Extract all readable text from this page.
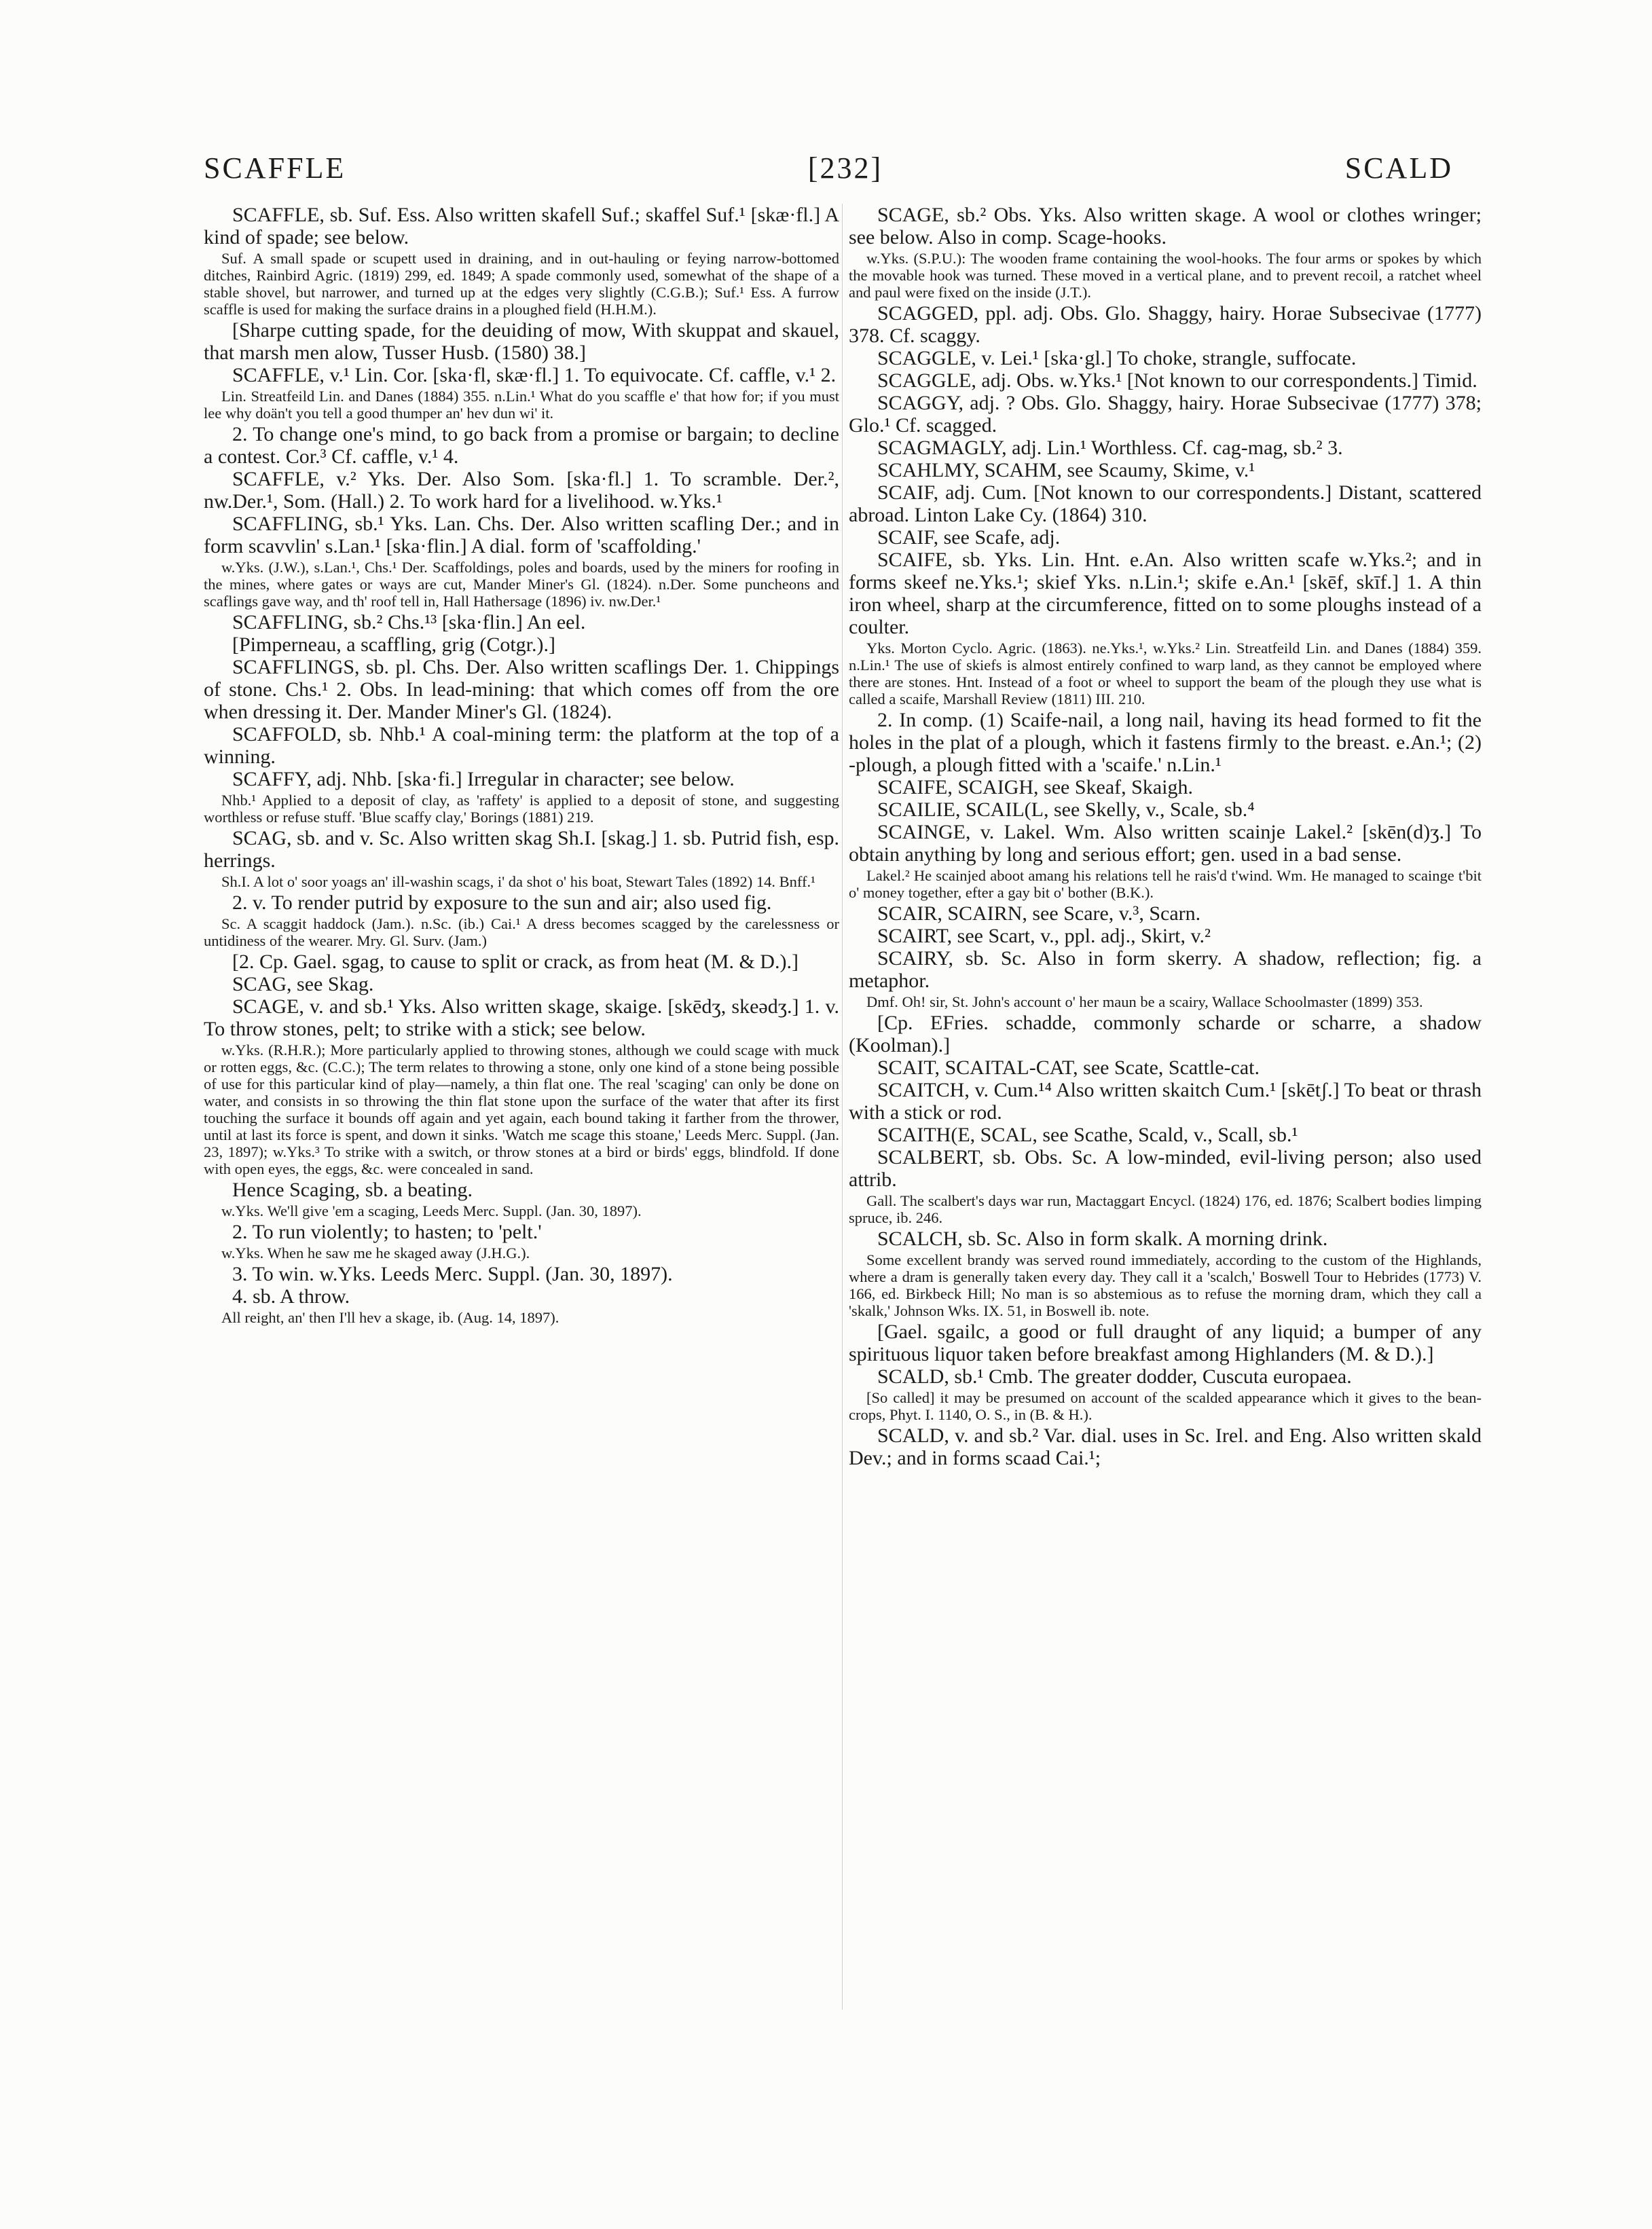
SCAFFLE	[232]	SCALD

SCAFFLE, sb. Suf. Ess. Also written skafell Suf.; skaffel Suf.¹ [skæ·fl.] A kind of spade; see below.

Suf. A small spade or scupett used in draining, and in out-hauling or feying narrow-bottomed ditches, Rainbird Agric. (1819) 299, ed. 1849; A spade commonly used, somewhat of the shape of a stable shovel, but narrower, and turned up at the edges very slightly (C.G.B.); Suf.¹ Ess. A furrow scaffle is used for making the surface drains in a ploughed field (H.H.M.).

[Sharpe cutting spade, for the deuiding of mow, With skuppat and skauel, that marsh men alow, Tusser Husb. (1580) 38.]

SCAFFLE, v.¹ Lin. Cor. [ska·fl, skæ·fl.] 1. To equivocate. Cf. caffle, v.¹ 2.

Lin. Streatfeild Lin. and Danes (1884) 355. n.Lin.¹ What do you scaffle e' that how for; if you must lee why doän't you tell a good thumper an' hev dun wi' it.

2. To change one's mind, to go back from a promise or bargain; to decline a contest. Cor.³ Cf. caffle, v.¹ 4.

SCAFFLE, v.² Yks. Der. Also Som. [ska·fl.] 1. To scramble. Der.², nw.Der.¹, Som. (Hall.) 2. To work hard for a livelihood. w.Yks.¹

SCAFFLING, sb.¹ Yks. Lan. Chs. Der. Also written scafling Der.; and in form scavvlin' s.Lan.¹ [ska·flin.] A dial. form of 'scaffolding.'

w.Yks. (J.W.), s.Lan.¹, Chs.¹ Der. Scaffoldings, poles and boards, used by the miners for roofing in the mines, where gates or ways are cut, Mander Miner's Gl. (1824). n.Der. Some puncheons and scaflings gave way, and th' roof tell in, Hall Hathersage (1896) iv. nw.Der.¹

SCAFFLING, sb.² Chs.¹³ [ska·flin.] An eel.

[Pimperneau, a scaffling, grig (Cotgr.).]

SCAFFLINGS, sb. pl. Chs. Der. Also written scaflings Der. 1. Chippings of stone. Chs.¹ 2. Obs. In lead-mining: that which comes off from the ore when dressing it. Der. Mander Miner's Gl. (1824).

SCAFFOLD, sb. Nhb.¹ A coal-mining term: the platform at the top of a winning.

SCAFFY, adj. Nhb. [ska·fi.] Irregular in character; see below.

Nhb.¹ Applied to a deposit of clay, as 'raffety' is applied to a deposit of stone, and suggesting worthless or refuse stuff. 'Blue scaffy clay,' Borings (1881) 219.

SCAG, sb. and v. Sc. Also written skag Sh.I. [skag.] 1. sb. Putrid fish, esp. herrings.

Sh.I. A lot o' soor yoags an' ill-washin scags, i' da shot o' his boat, Stewart Tales (1892) 14. Bnff.¹

2. v. To render putrid by exposure to the sun and air; also used fig.

Sc. A scaggit haddock (Jam.). n.Sc. (ib.) Cai.¹ A dress becomes scagged by the carelessness or untidiness of the wearer. Mry. Gl. Surv. (Jam.)

[2. Cp. Gael. sgag, to cause to split or crack, as from heat (M. & D.).]

SCAG, see Skag.

SCAGE, v. and sb.¹ Yks. Also written skage, skaige. [skēdʒ, skeədʒ.] 1. v. To throw stones, pelt; to strike with a stick; see below.

w.Yks. (R.H.R.); More particularly applied to throwing stones, although we could scage with muck or rotten eggs, &c. (C.C.); The term relates to throwing a stone, only one kind of a stone being possible of use for this particular kind of play—namely, a thin flat one. The real 'scaging' can only be done on water, and consists in so throwing the thin flat stone upon the surface of the water that after its first touching the surface it bounds off again and yet again, each bound taking it farther from the thrower, until at last its force is spent, and down it sinks. 'Watch me scage this stoane,' Leeds Merc. Suppl. (Jan. 23, 1897); w.Yks.³ To strike with a switch, or throw stones at a bird or birds' eggs, blindfold. If done with open eyes, the eggs, &c. were concealed in sand.

Hence Scaging, sb. a beating.

w.Yks. We'll give 'em a scaging, Leeds Merc. Suppl. (Jan. 30, 1897).

2. To run violently; to hasten; to 'pelt.'

w.Yks. When he saw me he skaged away (J.H.G.).

3. To win. w.Yks. Leeds Merc. Suppl. (Jan. 30, 1897).

4. sb. A throw.

All reight, an' then I'll hev a skage, ib. (Aug. 14, 1897).

SCAGE, sb.² Obs. Yks. Also written skage. A wool or clothes wringer; see below. Also in comp. Scage-hooks.

w.Yks. (S.P.U.): The wooden frame containing the wool-hooks. The four arms or spokes by which the movable hook was turned. These moved in a vertical plane, and to prevent recoil, a ratchet wheel and paul were fixed on the inside (J.T.).

SCAGGED, ppl. adj. Obs. Glo. Shaggy, hairy. Horae Subsecivae (1777) 378. Cf. scaggy.

SCAGGLE, v. Lei.¹ [ska·gl.] To choke, strangle, suffocate.

SCAGGLE, adj. Obs. w.Yks.¹ [Not known to our correspondents.] Timid.

SCAGGY, adj. ? Obs. Glo. Shaggy, hairy. Horae Subsecivae (1777) 378; Glo.¹ Cf. scagged.

SCAGMAGLY, adj. Lin.¹ Worthless. Cf. cag-mag, sb.² 3.

SCAHLMY, SCAHM, see Scaumy, Skime, v.¹

SCAIF, adj. Cum. [Not known to our correspondents.] Distant, scattered abroad. Linton Lake Cy. (1864) 310.

SCAIF, see Scafe, adj.

SCAIFE, sb. Yks. Lin. Hnt. e.An. Also written scafe w.Yks.²; and in forms skeef ne.Yks.¹; skief Yks. n.Lin.¹; skife e.An.¹ [skēf, skīf.] 1. A thin iron wheel, sharp at the circumference, fitted on to some ploughs instead of a coulter.

Yks. Morton Cyclo. Agric. (1863). ne.Yks.¹, w.Yks.² Lin. Streatfeild Lin. and Danes (1884) 359. n.Lin.¹ The use of skiefs is almost entirely confined to warp land, as they cannot be employed where there are stones. Hnt. Instead of a foot or wheel to support the beam of the plough they use what is called a scaife, Marshall Review (1811) III. 210.

2. In comp. (1) Scaife-nail, a long nail, having its head formed to fit the holes in the plat of a plough, which it fastens firmly to the breast. e.An.¹; (2) -plough, a plough fitted with a 'scaife.' n.Lin.¹

SCAIFE, SCAIGH, see Skeaf, Skaigh.

SCAILIE, SCAIL(L, see Skelly, v., Scale, sb.⁴

SCAINGE, v. Lakel. Wm. Also written scainje Lakel.² [skēn(d)ʒ.] To obtain anything by long and serious effort; gen. used in a bad sense.

Lakel.² He scainjed aboot amang his relations tell he rais'd t'wind. Wm. He managed to scainge t'bit o' money together, efter a gay bit o' bother (B.K.).

SCAIR, SCAIRN, see Scare, v.³, Scarn.

SCAIRT, see Scart, v., ppl. adj., Skirt, v.²

SCAIRY, sb. Sc. Also in form skerry. A shadow, reflection; fig. a metaphor.

Dmf. Oh! sir, St. John's account o' her maun be a scairy, Wallace Schoolmaster (1899) 353.

[Cp. EFries. schadde, commonly scharde or scharre, a shadow (Koolman).]

SCAIT, SCAITAL-CAT, see Scate, Scattle-cat.

SCAITCH, v. Cum.¹⁴ Also written skaitch Cum.¹ [skētʃ.] To beat or thrash with a stick or rod.

SCAITH(E, SCAL, see Scathe, Scald, v., Scall, sb.¹

SCALBERT, sb. Obs. Sc. A low-minded, evil-living person; also used attrib.

Gall. The scalbert's days war run, Mactaggart Encycl. (1824) 176, ed. 1876; Scalbert bodies limping spruce, ib. 246.

SCALCH, sb. Sc. Also in form skalk. A morning drink.

Some excellent brandy was served round immediately, according to the custom of the Highlands, where a dram is generally taken every day. They call it a 'scalch,' Boswell Tour to Hebrides (1773) V. 166, ed. Birkbeck Hill; No man is so abstemious as to refuse the morning dram, which they call a 'skalk,' Johnson Wks. IX. 51, in Boswell ib. note.

[Gael. sgailc, a good or full draught of any liquid; a bumper of any spirituous liquor taken before breakfast among Highlanders (M. & D.).]

SCALD, sb.¹ Cmb. The greater dodder, Cuscuta europaea.

[So called] it may be presumed on account of the scalded appearance which it gives to the bean-crops, Phyt. I. 1140, O. S., in (B. & H.).

SCALD, v. and sb.² Var. dial. uses in Sc. Irel. and Eng. Also written skald Dev.; and in forms scaad Cai.¹;
